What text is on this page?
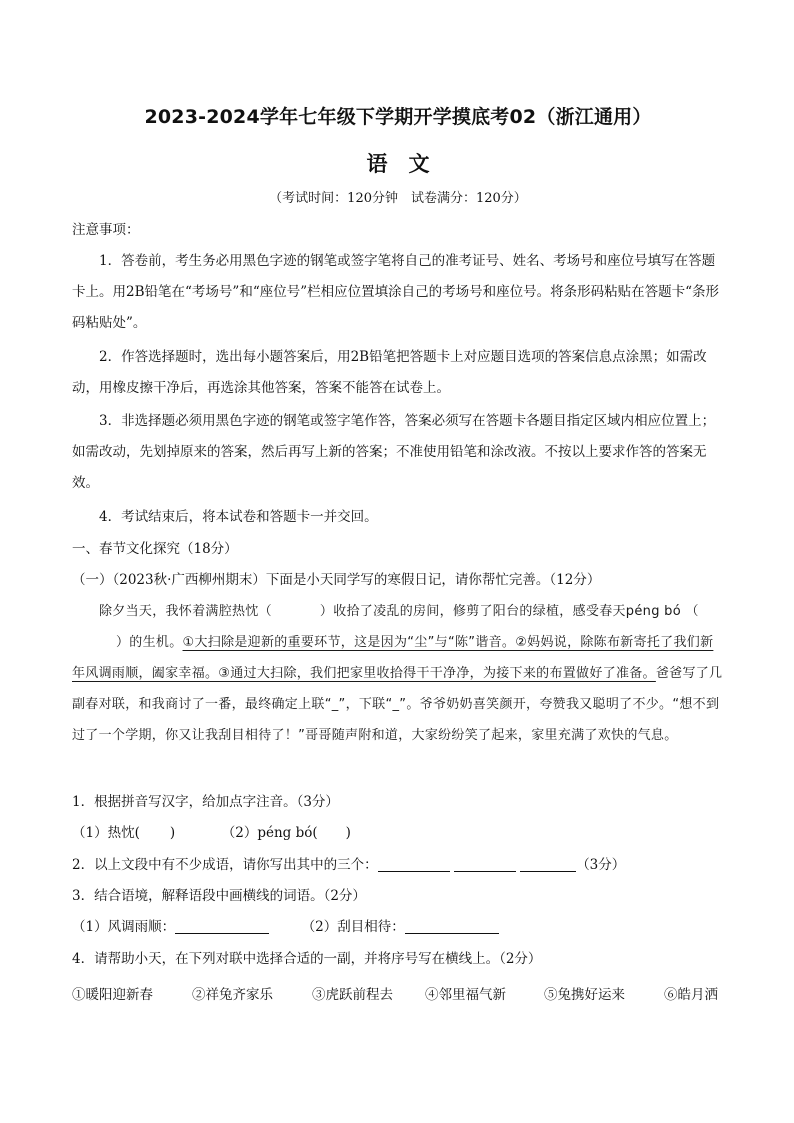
2023-2024学年七年级下学期开学摸底考02（浙江通用）
语　文
（考试时间：120分钟　试卷满分：120分）
注意事项：
1．答卷前，考生务必用黑色字迹的钢笔或签字笔将自己的准考证号、姓名、考场号和座位号填写在答题卡上。用2B铅笔在“考场号”和“座位号”栏相应位置填涂自己的考场号和座位号。将条形码粘贴在答题卡“条形码粘贴处”。
2．作答选择题时，选出每小题答案后，用2B铅笔把答题卡上对应题目选项的答案信息点涂黑；如需改动，用橡皮擦干净后，再选涂其他答案，答案不能答在试卷上。
3．非选择题必须用黑色字迹的钢笔或签字笔作答，答案必须写在答题卡各题目指定区域内相应位置上；如需改动，先划掉原来的答案，然后再写上新的答案；不准使用铅笔和涂改液。不按以上要求作答的答案无效。
4．考试结束后，将本试卷和答题卡一并交回。
一、春节文化探究（18分）
（一）（2023秋·广西柳州期末）下面是小天同学写的寒假日记，请你帮忙完善。（12分）
除夕当天，我怀着满腔热忱（	）收拾了凌乱的房间，修剪了阳台的绿植，感受春天péng bó （）的生机。①大扫除是迎新的重要环节，这是因为“尘”与“陈”谐音。②妈妈说，除陈布新寄托了我们新年风调雨顺，阖家幸福。③通过大扫除，我们把家里收拾得干干净净，为接下来的布置做好了准备。爸爸写了几副春对联，和我商讨了一番，最终确定上联“_”，下联“_”。爷爷奶奶喜笑颜开，夸赞我又聪明了不少。“想不到过了一个学期，你又让我刮目相待了！”哥哥随声附和道，大家纷纷笑了起来，家里充满了欢快的气息。
1．根据拼音写汉字，给加点字注音。（3分）
（1）热忱( )	（2）péng bó( )
2．以上文段中有不少成语，请你写出其中的三个：	（3分）
3．结合语境，解释语段中画横线的词语。（2分）
（1）风调雨顺：	（2）刮目相待：
4．请帮助小天，在下列对联中选择合适的一副，并将序号写在横线上。（2分）
①暖阳迎新春	②祥兔齐家乐	③虎跃前程去 ④邻里福气新	⑤兔携好运来	⑥皓月洒
